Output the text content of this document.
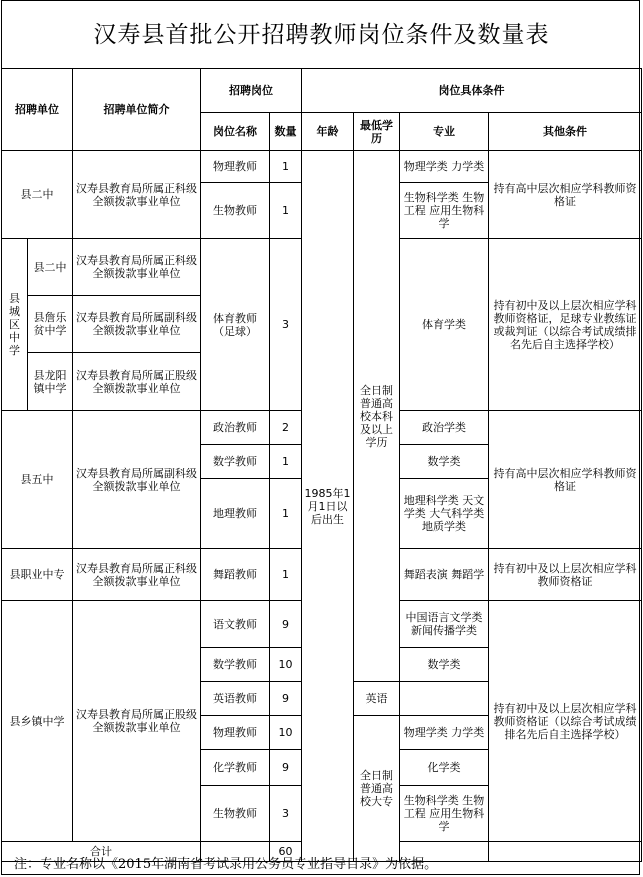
汉寿县首批公开招聘教师岗位条件及数量表
招聘单位		招聘单位简介	招聘岗位		岗位具体条件				
			岗位名称	数量	年龄	最低学历	专业	其他条件	
县二中		汉寿县教育局所属正科级全额拨款事业单位	物理教师	1	1985年1月1日以后出生	全日制普通高校本科及以上学历	物理学类 力学类	持有高中层次相应学科教师资格证	
			生物教师	1			生物科学类 生物工程 应用生物科学		
县城区中学	县二中	汉寿县教育局所属正科级全额拨款事业单位	体育教师（足球）	3			体育学类	持有初中及以上层次相应学科教师资格证，足球专业教练证或裁判证（以综合考试成绩排名先后自主选择学校）	
	县詹乐贫中学	汉寿县教育局所属副科级全额拨款事业单位							
	县龙阳镇中学	汉寿县教育局所属正股级全额拨款事业单位							
县五中		汉寿县教育局所属副科级全额拨款事业单位	政治教师	2			政治学类	持有高中层次相应学科教师资格证	
			数学教师	1			数学类		
			地理教师	1			地理科学类 天文学类 大气科学类 地质学类		
县职业中专		汉寿县教育局所属正科级全额拨款事业单位	舞蹈教师	1			舞蹈表演 舞蹈学	持有初中及以上层次相应学科教师资格证	
县乡镇中学		汉寿县教育局所属正股级全额拨款事业单位	语文教师	9			中国语言文学类 新闻传播学类	持有初中及以上层次相应学科教师资格证（以综合考试成绩排名先后自主选择学校）	
			数学教师	10			数学类		
			英语教师	9		英语			
			物理教师	10		全日制普通高校大专	物理学类 力学类		
			化学教师	9			化学类		
			生物教师	3			生物科学类 生物工程 应用生物科学		
合计				60					
注：专业名称以《2015年湖南省考试录用公务员专业指导目录》为依据。
